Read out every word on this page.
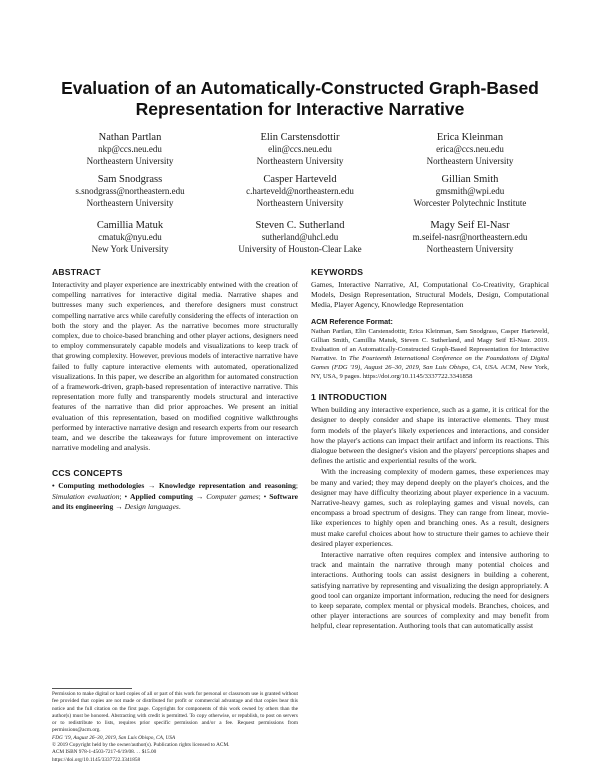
Evaluation of an Automatically-Constructed Graph-Based
Representation for Interactive Narrative
Nathan Partlan
nkp@ccs.neu.edu
Northeastern University
Elin Carstensdottir
elin@ccs.neu.edu
Northeastern University
Erica Kleinman
erica@ccs.neu.edu
Northeastern University
Sam Snodgrass
s.snodgrass@northeastern.edu
Northeastern University
Casper Harteveld
c.harteveld@northeastern.edu
Northeastern University
Gillian Smith
gmsmith@wpi.edu
Worcester Polytechnic Institute
Camillia Matuk
cmatuk@nyu.edu
New York University
Steven C. Sutherland
sutherland@uhcl.edu
University of Houston-Clear Lake
Magy Seif El-Nasr
m.seifel-nasr@northeastern.edu
Northeastern University
ABSTRACT

Interactivity and player experience are inextricably entwined with the creation of compelling narratives for interactive digital media. Narrative shapes and buttresses many such experiences, and therefore designers must construct compelling narrative arcs while carefully considering the effects of interaction on both the story and the player. As the narrative becomes more structurally complex, due to choice-based branching and other player actions, designers need to employ commensurately capable models and visualizations to keep track of that growing complexity. However, previous models of interactive narrative have failed to fully capture interactive elements with automated, operationalized visualizations. In this paper, we describe an algorithm for automated construction of a framework-driven, graph-based representation of interactive narrative. This representation more fully and transparently models structural and interactive features of the narrative than did prior approaches. We present an initial evaluation of this representation, based on modified cognitive walkthroughs performed by interactive narrative design and research experts from our research team, and we describe the takeaways for future improvement on interactive narrative modeling and analysis.

CCS CONCEPTS
• Computing methodologies → Knowledge representation and reasoning; Simulation evaluation; • Applied computing → Computer games; • Software and its engineering → Design languages.
Permission to make digital or hard copies of all or part of this work for personal or classroom use is granted without fee provided that copies are not made or distributed for profit or commercial advantage and that copies bear this notice and the full citation on the first page. Copyrights for components of this work owned by others than the author(s) must be honored. Abstracting with credit is permitted. To copy otherwise, or republish, to post on servers or to redistribute to lists, requires prior specific permission and/or a fee. Request permissions from permissions@acm.org.
FDG '19, August 26–30, 2019, San Luis Obispo, CA, USA
© 2019 Copyright held by the owner/author(s). Publication rights licensed to ACM.
ACM ISBN 978-1-4503-7217-6/19/08. . . $15.00
https://doi.org/10.1145/3337722.3341858
KEYWORDS

Games, Interactive Narrative, AI, Computational Co-Creativity, Graphical Models, Design Representation, Structural Models, Design, Computational Media, Player Agency, Knowledge Representation

ACM Reference Format:
Nathan Partlan, Elin Carstensdottir, Erica Kleinman, Sam Snodgrass, Casper Harteveld, Gillian Smith, Camillia Matuk, Steven C. Sutherland, and Magy Seif El-Nasr. 2019. Evaluation of an Automatically-Constructed Graph-Based Representation for Interactive Narrative. In The Fourteenth International Conference on the Foundations of Digital Games (FDG '19), August 26–30, 2019, San Luis Obispo, CA, USA. ACM, New York, NY, USA, 9 pages. https://doi.org/10.1145/3337722.3341858
1 INTRODUCTION

When building any interactive experience, such as a game, it is critical for the designer to deeply consider and shape its interactive elements. They must form models of the player's likely experiences and interactions, and consider how the player's actions can impact their artifact and inform its reactions. This dialogue between the designer's vision and the players' perceptions shapes and defines the artistic and experiential results of the work.

With the increasing complexity of modern games, these experiences may be many and varied; they may depend deeply on the player's choices, and the designer may have difficulty theorizing about player experience in a vacuum. Narrative-heavy games, such as roleplaying games and visual novels, can encompass a broad spectrum of designs. They can range from linear, movie-like experiences to highly open and branching ones. As a result, designers must make careful choices about how to structure their games to achieve their desired player experiences.

Interactive narrative often requires complex and intensive authoring to track and maintain the narrative through many potential choices and interactions. Authoring tools can assist designers in building a coherent, satisfying narrative by representing and visualizing the design appropriately. A good tool can organize important information, reducing the need for designers to keep separate, complex mental or physical models. Branches, choices, and other player interactions are sources of complexity and may benefit from helpful, clear representation. Authoring tools that can automatically assist
